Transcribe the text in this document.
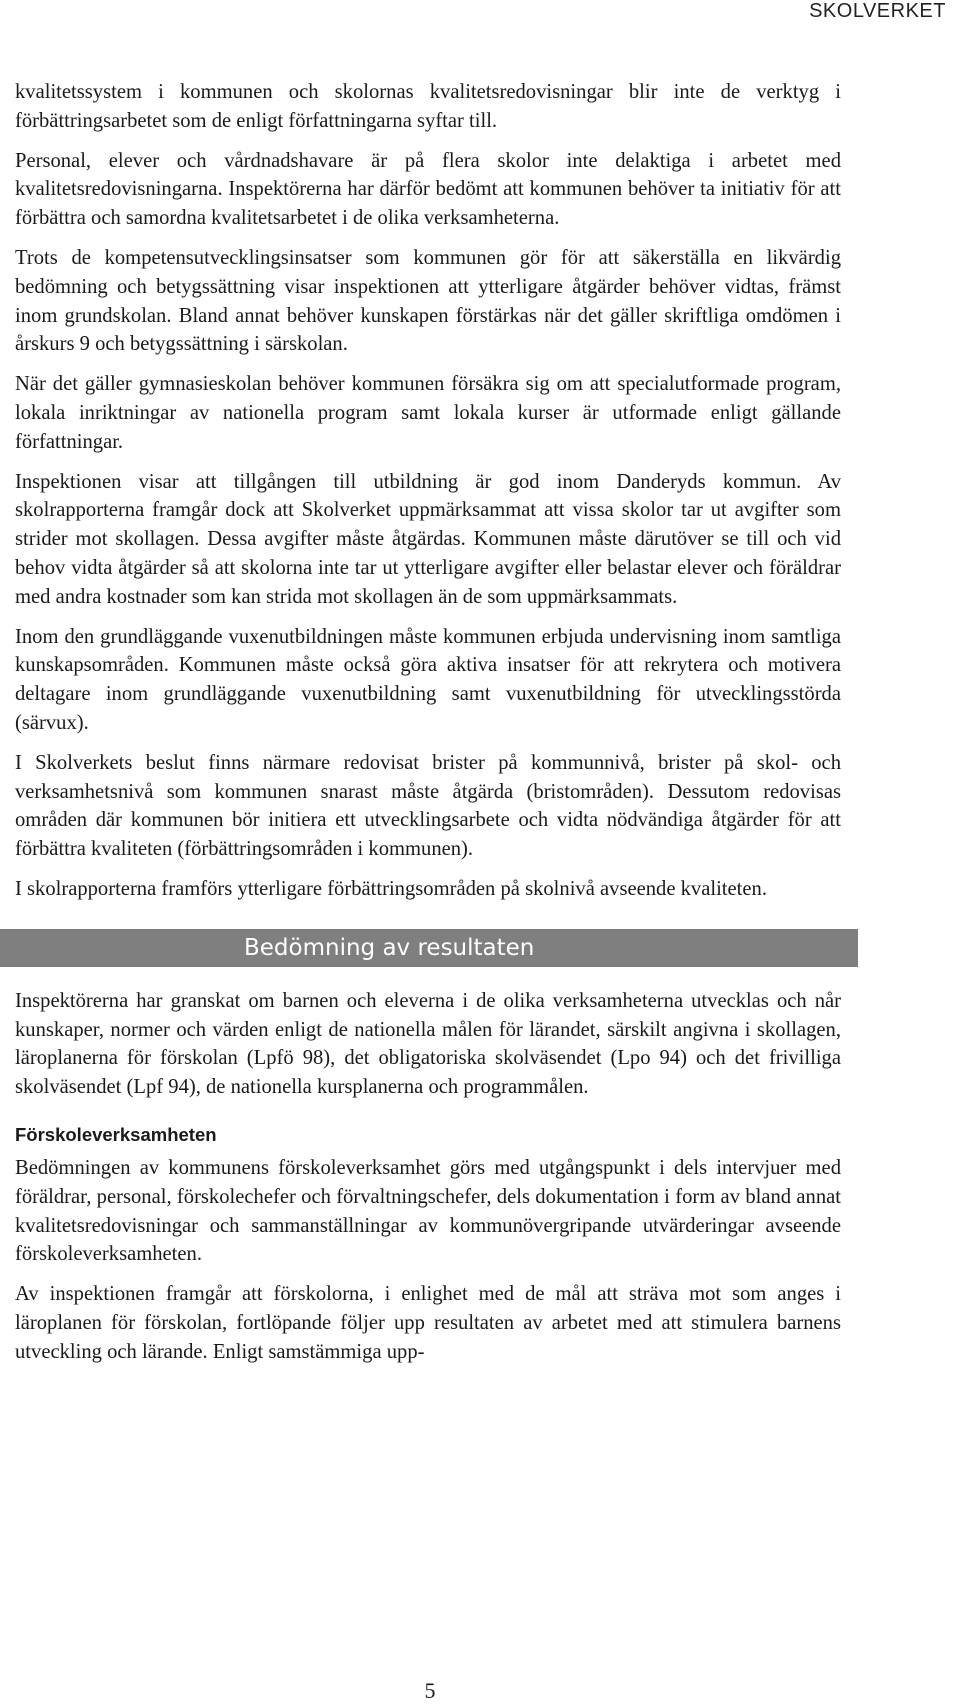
SKOLVERKET

kvalitetssystem i kommunen och skolornas kvalitetsredovisningar blir inte de verktyg i förbättringsarbetet som de enligt författningarna syftar till.

Personal, elever och vårdnadshavare är på flera skolor inte delaktiga i arbetet med kvalitetsredovisningarna. Inspektörerna har därför bedömt att kommunen behöver ta initiativ för att förbättra och samordna kvalitetsarbetet i de olika verksamheterna.

Trots de kompetensutvecklingsinsatser som kommunen gör för att säkerställa en likvärdig bedömning och betygssättning visar inspektionen att ytterligare åtgärder behöver vidtas, främst inom grundskolan. Bland annat behöver kunskapen förstärkas när det gäller skriftliga omdömen i årskurs 9 och betygssättning i särskolan.

När det gäller gymnasieskolan behöver kommunen försäkra sig om att specialutformade program, lokala inriktningar av nationella program samt lokala kurser är utformade enligt gällande författningar.

Inspektionen visar att tillgången till utbildning är god inom Danderyds kommun. Av skolrapporterna framgår dock att Skolverket uppmärksammat att vissa skolor tar ut avgifter som strider mot skollagen. Dessa avgifter måste åtgärdas. Kommunen måste därutöver se till och vid behov vidta åtgärder så att skolorna inte tar ut ytterligare avgifter eller belastar elever och föräldrar med andra kostnader som kan strida mot skollagen än de som uppmärksammats.

Inom den grundläggande vuxenutbildningen måste kommunen erbjuda undervisning inom samtliga kunskapsområden. Kommunen måste också göra aktiva insatser för att rekrytera och motivera deltagare inom grundläggande vuxenutbildning samt vuxenutbildning för utvecklingsstörda (särvux).

I Skolverkets beslut finns närmare redovisat brister på kommunnivå, brister på skol- och verksamhetsnivå som kommunen snarast måste åtgärda (bristområden). Dessutom redovisas områden där kommunen bör initiera ett utvecklingsarbete och vidta nödvändiga åtgärder för att förbättra kvaliteten (förbättringsområden i kommunen).

I skolrapporterna framförs ytterligare förbättringsområden på skolnivå avseende kvaliteten.

Bedömning av resultaten

Inspektörerna har granskat om barnen och eleverna i de olika verksamheterna utvecklas och når kunskaper, normer och värden enligt de nationella målen för lärandet, särskilt angivna i skollagen, läroplanerna för förskolan (Lpfö 98), det obligatoriska skolväsendet (Lpo 94) och det frivilliga skolväsendet (Lpf 94), de nationella kursplanerna och programmålen.

Förskoleverksamheten

Bedömningen av kommunens förskoleverksamhet görs med utgångspunkt i dels intervjuer med föräldrar, personal, förskolechefer och förvaltningschefer, dels dokumentation i form av bland annat kvalitetsredovisningar och sammanställningar av kommunövergripande utvärderingar avseende förskoleverksamheten.

Av inspektionen framgår att förskolorna, i enlighet med de mål att sträva mot som anges i läroplanen för förskolan, fortlöpande följer upp resultaten av arbetet med att stimulera barnens utveckling och lärande. Enligt samstämmiga upp-

5
